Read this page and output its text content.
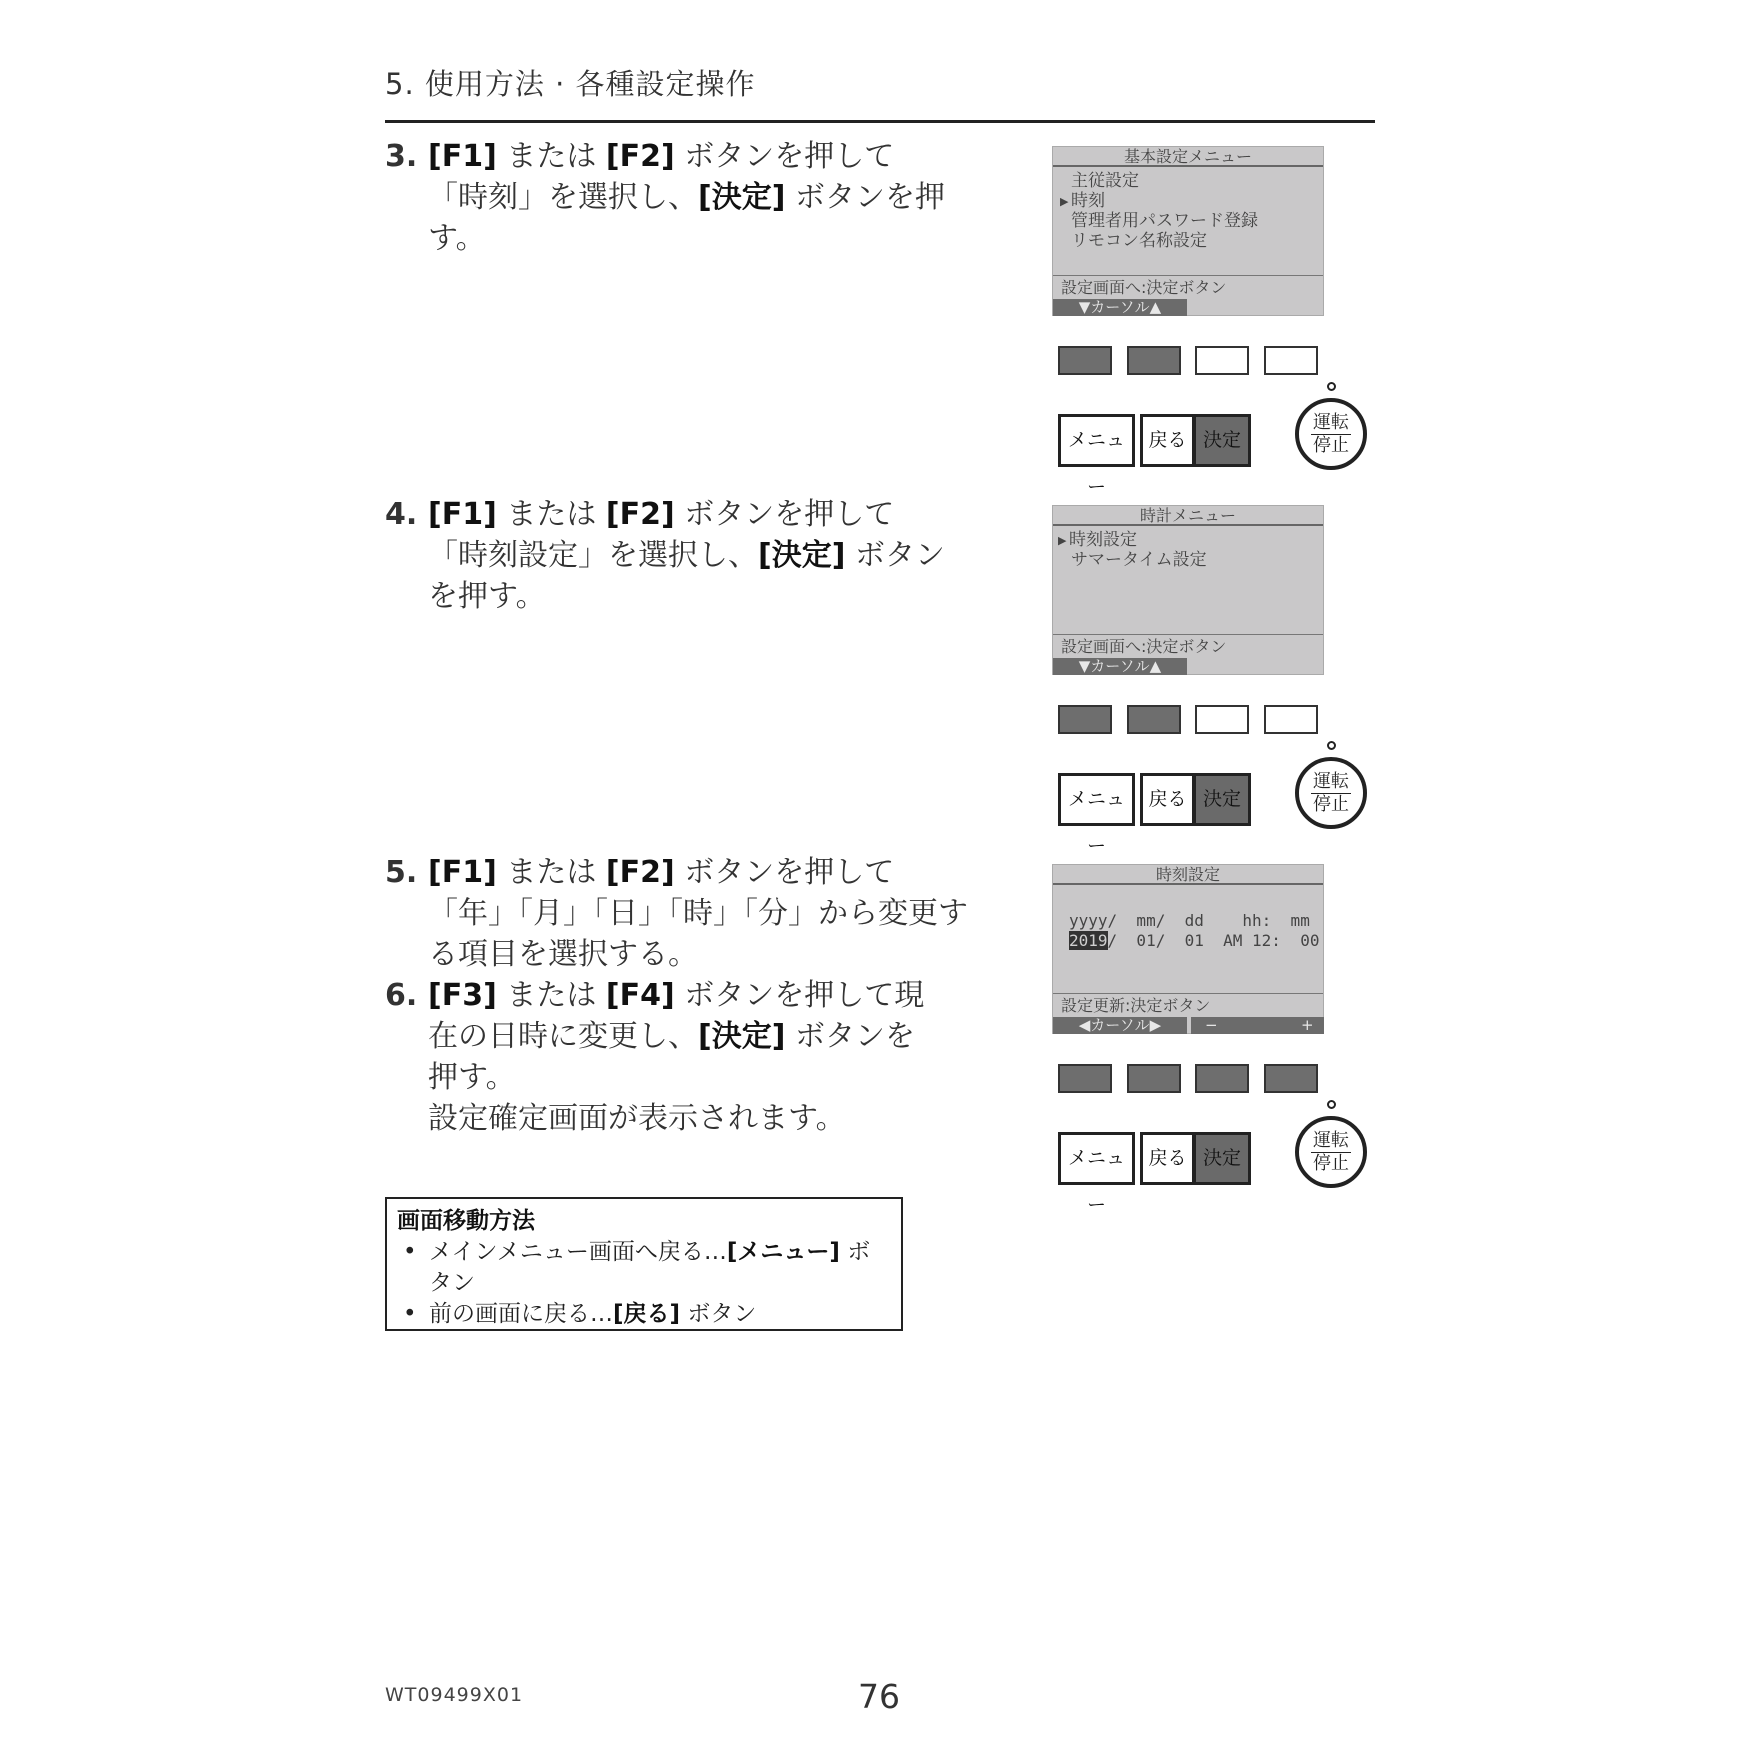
5. 使用方法 · 各種設定操作
3. [F1] または [F2] ボタンを押して
「時刻」を選択し、[決定] ボタンを押
す。
4. [F1] または [F2] ボタンを押して
「時刻設定」を選択し、[決定] ボタン
を押す。
5. [F1] または [F2] ボタンを押して
「年」「月」「日」「時」「分」から変更す
る項目を選択する。
6. [F3] または [F4] ボタンを押して現
在の日時に変更し、[決定] ボタンを
押す。
設定確定画面が表示されます。
画面移動方法
• メインメニュー画面へ戻る…[メニュー] ボ
タン
• 前の画面に戻る…[戻る] ボタン
基本設定メニュー
主従設定
▶ 時刻
管理者用パスワード登録
リモコン名称設定
設定画面へ:決定ボタン
▼カーソル▲
メニュー
戻る 決定
運転
停止
時計メニュー
▶ 時刻設定
サマータイム設定
設定画面へ:決定ボタン
▼カーソル▲
メニュー
戻る 決定
運転
停止
時刻設定
yyyy/  mm/  dd    hh:  mm
2019/  01/  01  AM 12:  00
設定更新:決定ボタン
◀カーソル▶	−	+
メニュー
戻る 決定
運転
停止
WT09499X01	76
